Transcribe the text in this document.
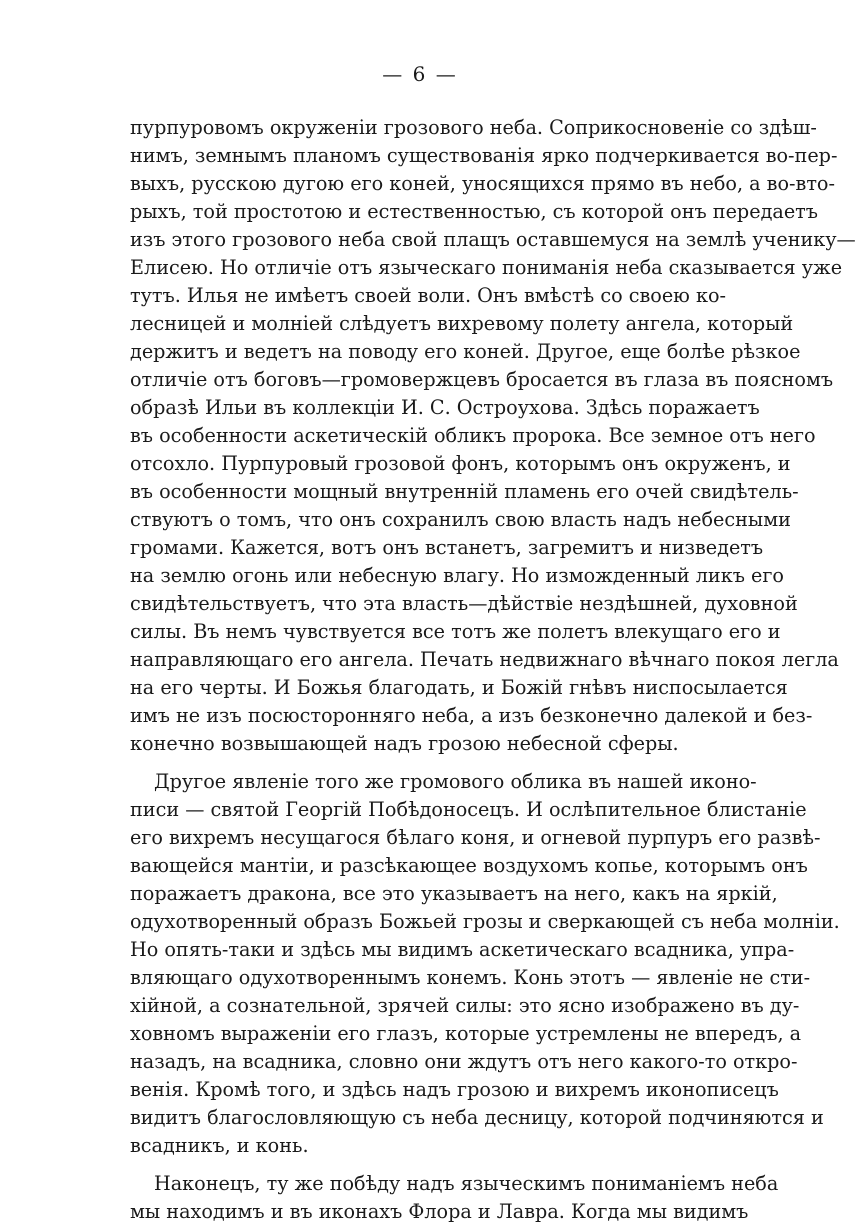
— 6 —
пурпуровомъ окруженіи грозового неба. Соприкосновеніе со здѣш-
нимъ, земнымъ планомъ существованія ярко подчеркивается во-пер-
выхъ, русскою дугою его коней, уносящихся прямо въ небо, а во-вто-
рыхъ, той простотою и естественностью, съ которой онъ передаетъ
изъ этого грозового неба свой плащъ оставшемуся на землѣ ученику—
Елисею. Но отличіе отъ языческаго пониманія неба сказывается уже
тутъ. Илья не имѣетъ своей воли. Онъ вмѣстѣ со своею ко-
лесницей и молніей слѣдуетъ вихревому полету ангела, который
держитъ и ведетъ на поводу его коней. Другое, еще болѣе рѣзкое
отличіе отъ боговъ—громовержцевъ бросается въ глаза въ поясномъ
образѣ Ильи въ коллекціи И. С. Остроухова. Здѣсь поражаетъ
въ особенности аскетическій обликъ пророка. Все земное отъ него
отсохло. Пурпуровый грозовой фонъ, которымъ онъ окруженъ, и
въ особенности мощный внутренній пламень его очей свидѣтель-
ствуютъ о томъ, что онъ сохранилъ свою власть надъ небесными
громами. Кажется, вотъ онъ встанетъ, загремитъ и низведетъ
на землю огонь или небесную влагу. Но изможденный ликъ его
свидѣтельствуетъ, что эта власть—дѣйствіе нездѣшней, духовной
силы. Въ немъ чувствуется все тотъ же полетъ влекущаго его и
направляющаго его ангела. Печать недвижнаго вѣчнаго покоя легла
на его черты. И Божья благодать, и Божій гнѣвъ ниспосылается
имъ не изъ посюсторонняго неба, а изъ безконечно далекой и без-
конечно возвышающей надъ грозою небесной сферы.
Другое явленіе того же громового облика въ нашей иконо-
писи — святой Георгій Побѣдоносецъ. И ослѣпительное блистаніе
его вихремъ несущагося бѣлаго коня, и огневой пурпуръ его развѣ-
вающейся мантіи, и разсѣкающее воздухомъ копье, которымъ онъ
поражаетъ дракона, все это указываетъ на него, какъ на яркій,
одухотворенный образъ Божьей грозы и сверкающей съ неба молніи.
Но опять-таки и здѣсь мы видимъ аскетическаго всадника, упра-
вляющаго одухотвореннымъ конемъ. Конь этотъ — явленіе не сти-
хійной, а сознательной, зрячей силы: это ясно изображено въ ду-
ховномъ выраженіи его глазъ, которые устремлены не впередъ, а
назадъ, на всадника, словно они ждутъ отъ него какого-то откро-
венія. Кромѣ того, и здѣсь надъ грозою и вихремъ иконописецъ
видитъ благословляющую съ неба десницу, которой подчиняются и
всадникъ, и конь.
Наконецъ, ту же побѣду надъ языческимъ пониманіемъ неба
мы находимъ и въ иконахъ Флора и Лавра. Когда мы видимъ
